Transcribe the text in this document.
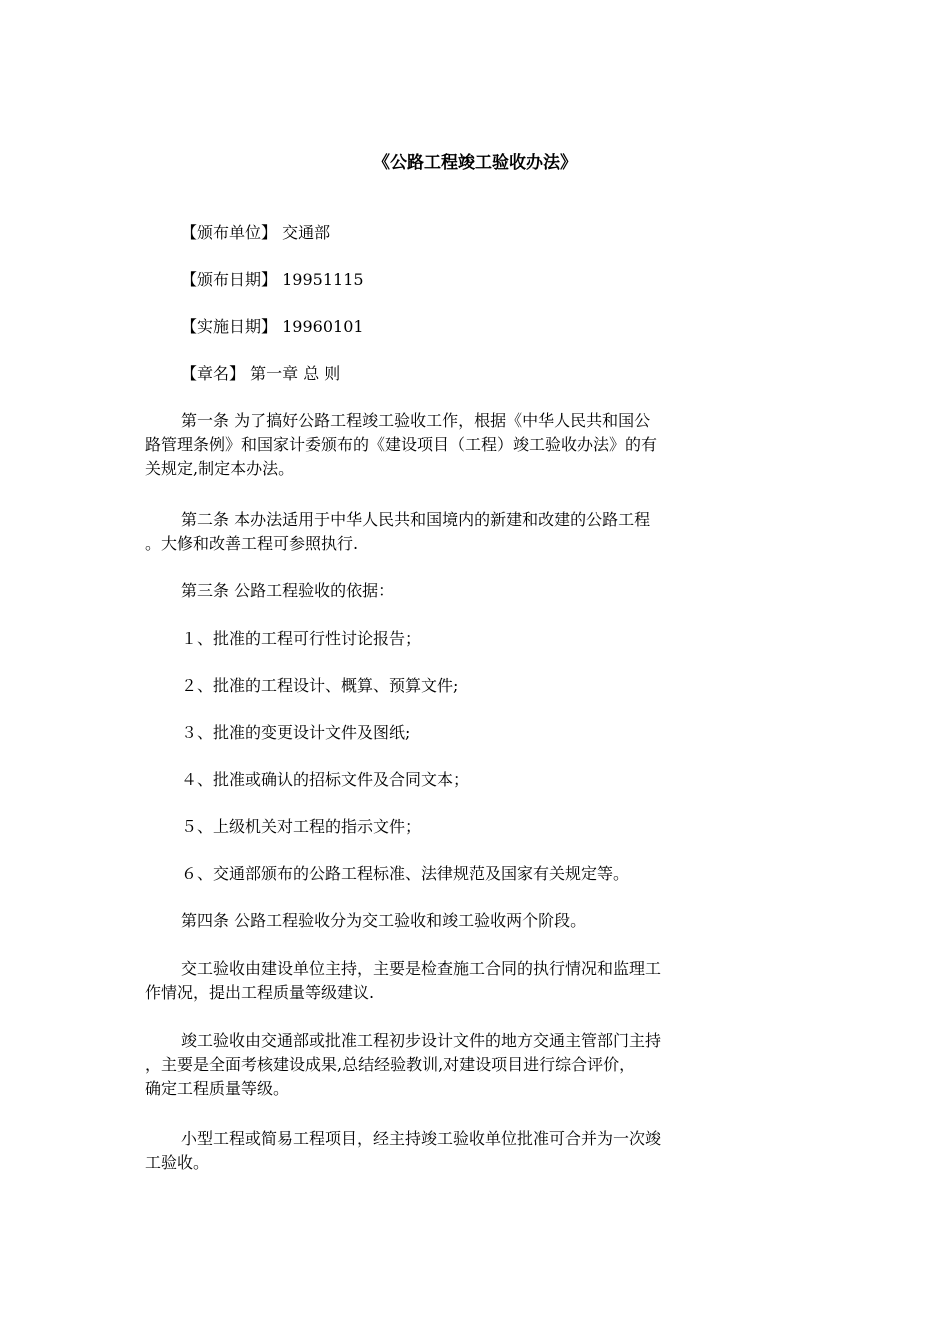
《公路工程竣工验收办法》
【颁布单位】 交通部
【颁布日期】 19951115
【实施日期】 19960101
【章名】 第一章 总 则
第一条 为了搞好公路工程竣工验收工作，根据《中华人民共和国公
路管理条例》和国家计委颁布的《建设项目（工程）竣工验收办法》的有
关规定,制定本办法。
第二条 本办法适用于中华人民共和国境内的新建和改建的公路工程
。大修和改善工程可参照执行.
第三条 公路工程验收的依据：
１、批准的工程可行性讨论报告；
２、批准的工程设计、概算、预算文件;
３、批准的变更设计文件及图纸;
４、批准或确认的招标文件及合同文本；
５、上级机关对工程的指示文件；
６、交通部颁布的公路工程标准、法律规范及国家有关规定等。
第四条 公路工程验收分为交工验收和竣工验收两个阶段。
交工验收由建设单位主持，主要是检查施工合同的执行情况和监理工
作情况，提出工程质量等级建议.
竣工验收由交通部或批准工程初步设计文件的地方交通主管部门主持
，主要是全面考核建设成果,总结经验教训,对建设项目进行综合评价，
确定工程质量等级。
小型工程或简易工程项目，经主持竣工验收单位批准可合并为一次竣
工验收。
